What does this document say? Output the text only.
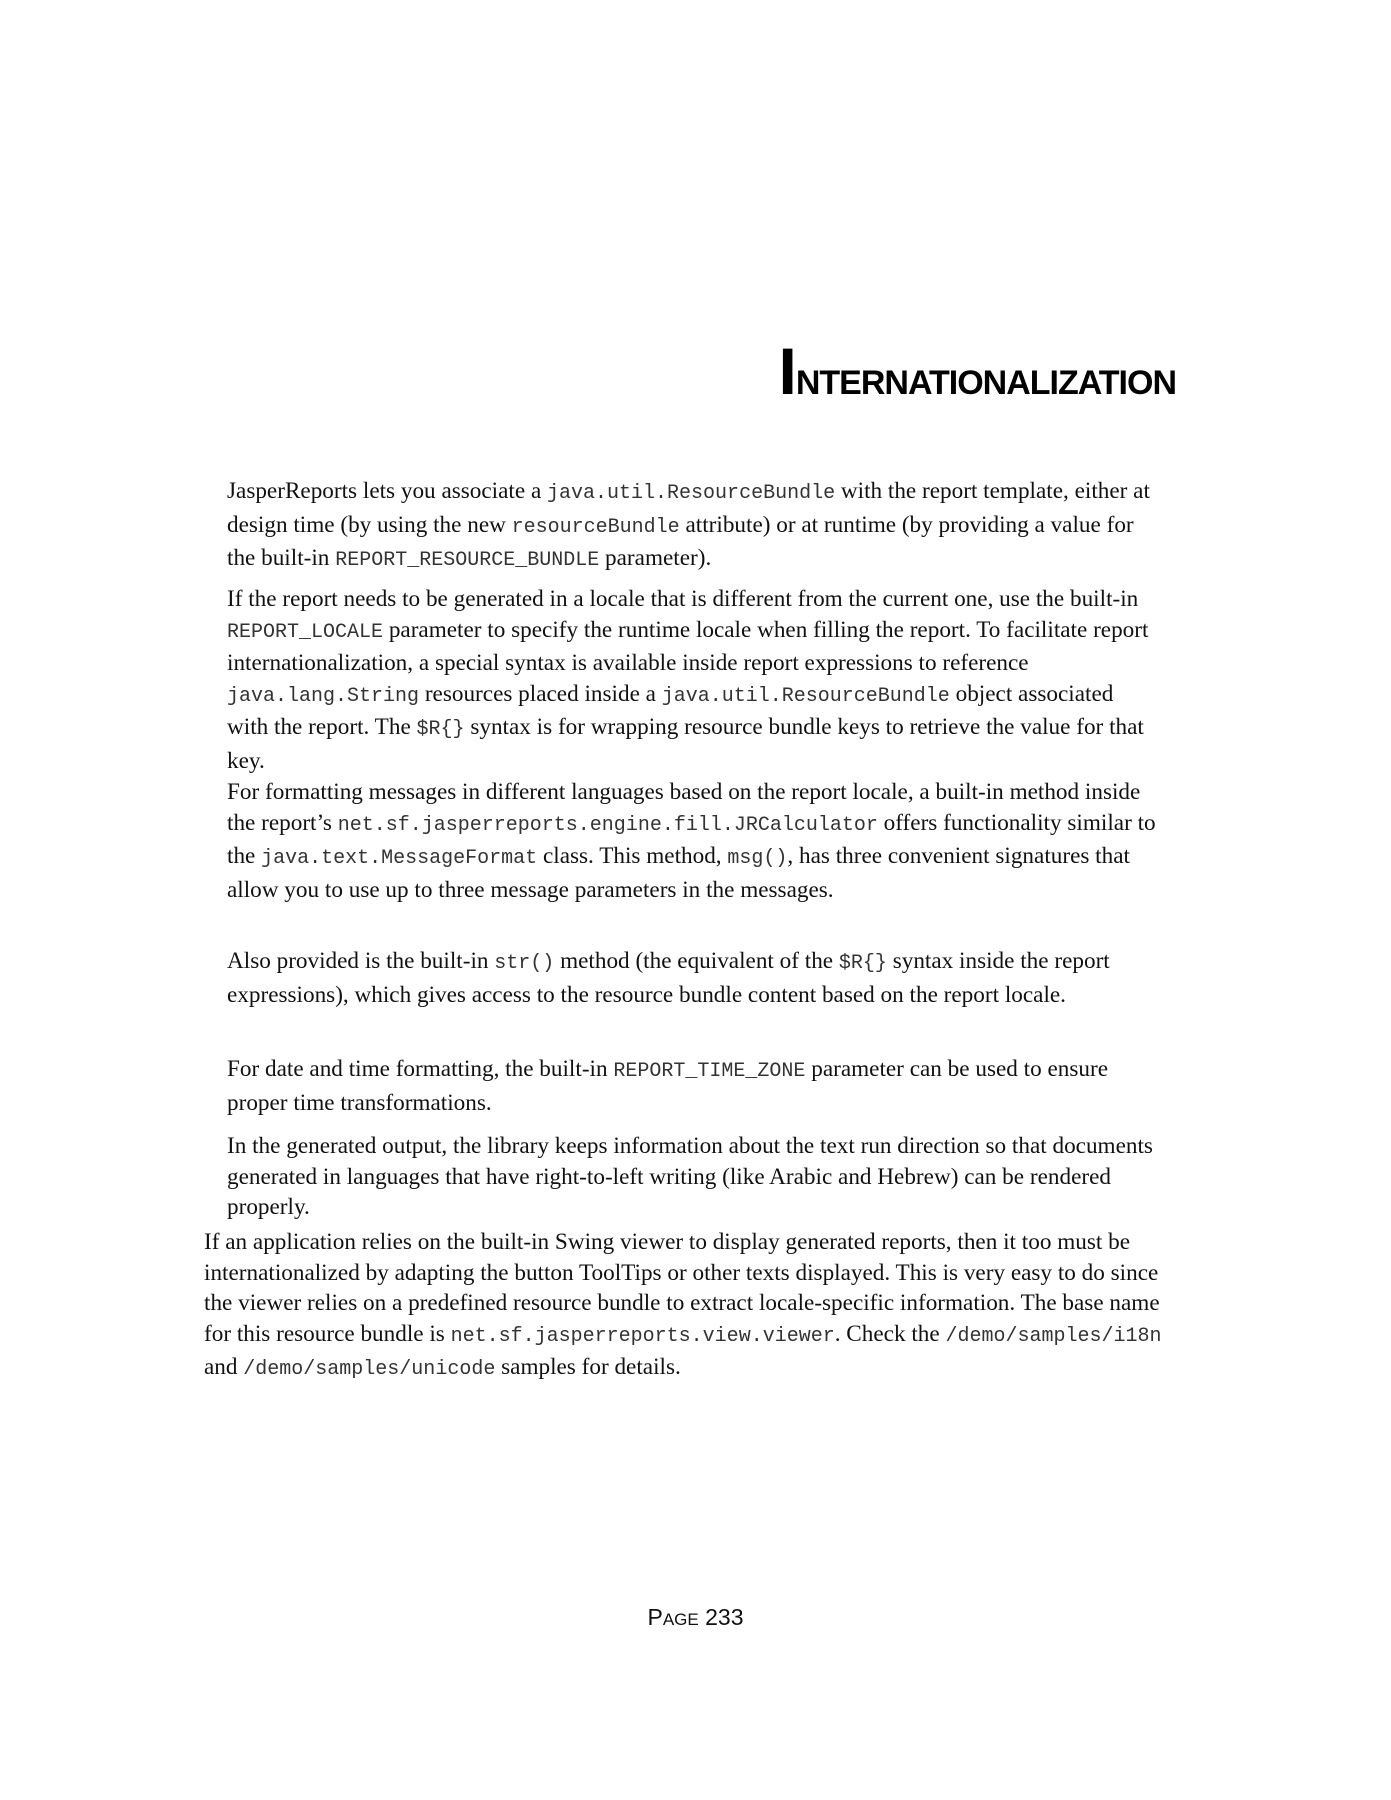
Internationalization

JasperReports lets you associate a java.util.ResourceBundle with the report template, either at design time (by using the new resourceBundle attribute) or at runtime (by providing a value for the built-in REPORT_RESOURCE_BUNDLE parameter).

If the report needs to be generated in a locale that is different from the current one, use the built-in REPORT_LOCALE parameter to specify the runtime locale when filling the report. To facilitate report internationalization, a special syntax is available inside report expressions to reference java.lang.String resources placed inside a java.util.ResourceBundle object associated with the report. The $R{} syntax is for wrapping resource bundle keys to retrieve the value for that key.

For formatting messages in different languages based on the report locale, a built-in method inside the report’s net.sf.jasperreports.engine.fill.JRCalculator offers functionality similar to the java.text.MessageFormat class. This method, msg(), has three convenient signatures that allow you to use up to three message parameters in the messages.

Also provided is the built-in str() method (the equivalent of the $R{} syntax inside the report expressions), which gives access to the resource bundle content based on the report locale.

For date and time formatting, the built-in REPORT_TIME_ZONE parameter can be used to ensure proper time transformations.

In the generated output, the library keeps information about the text run direction so that documents generated in languages that have right-to-left writing (like Arabic and Hebrew) can be rendered properly.

If an application relies on the built-in Swing viewer to display generated reports, then it too must be internationalized by adapting the button ToolTips or other texts displayed. This is very easy to do since the viewer relies on a predefined resource bundle to extract locale-specific information. The base name for this resource bundle is net.sf.jasperreports.view.viewer. Check the /demo/samples/i18n and /demo/samples/unicode samples for details.

PAGE 233
